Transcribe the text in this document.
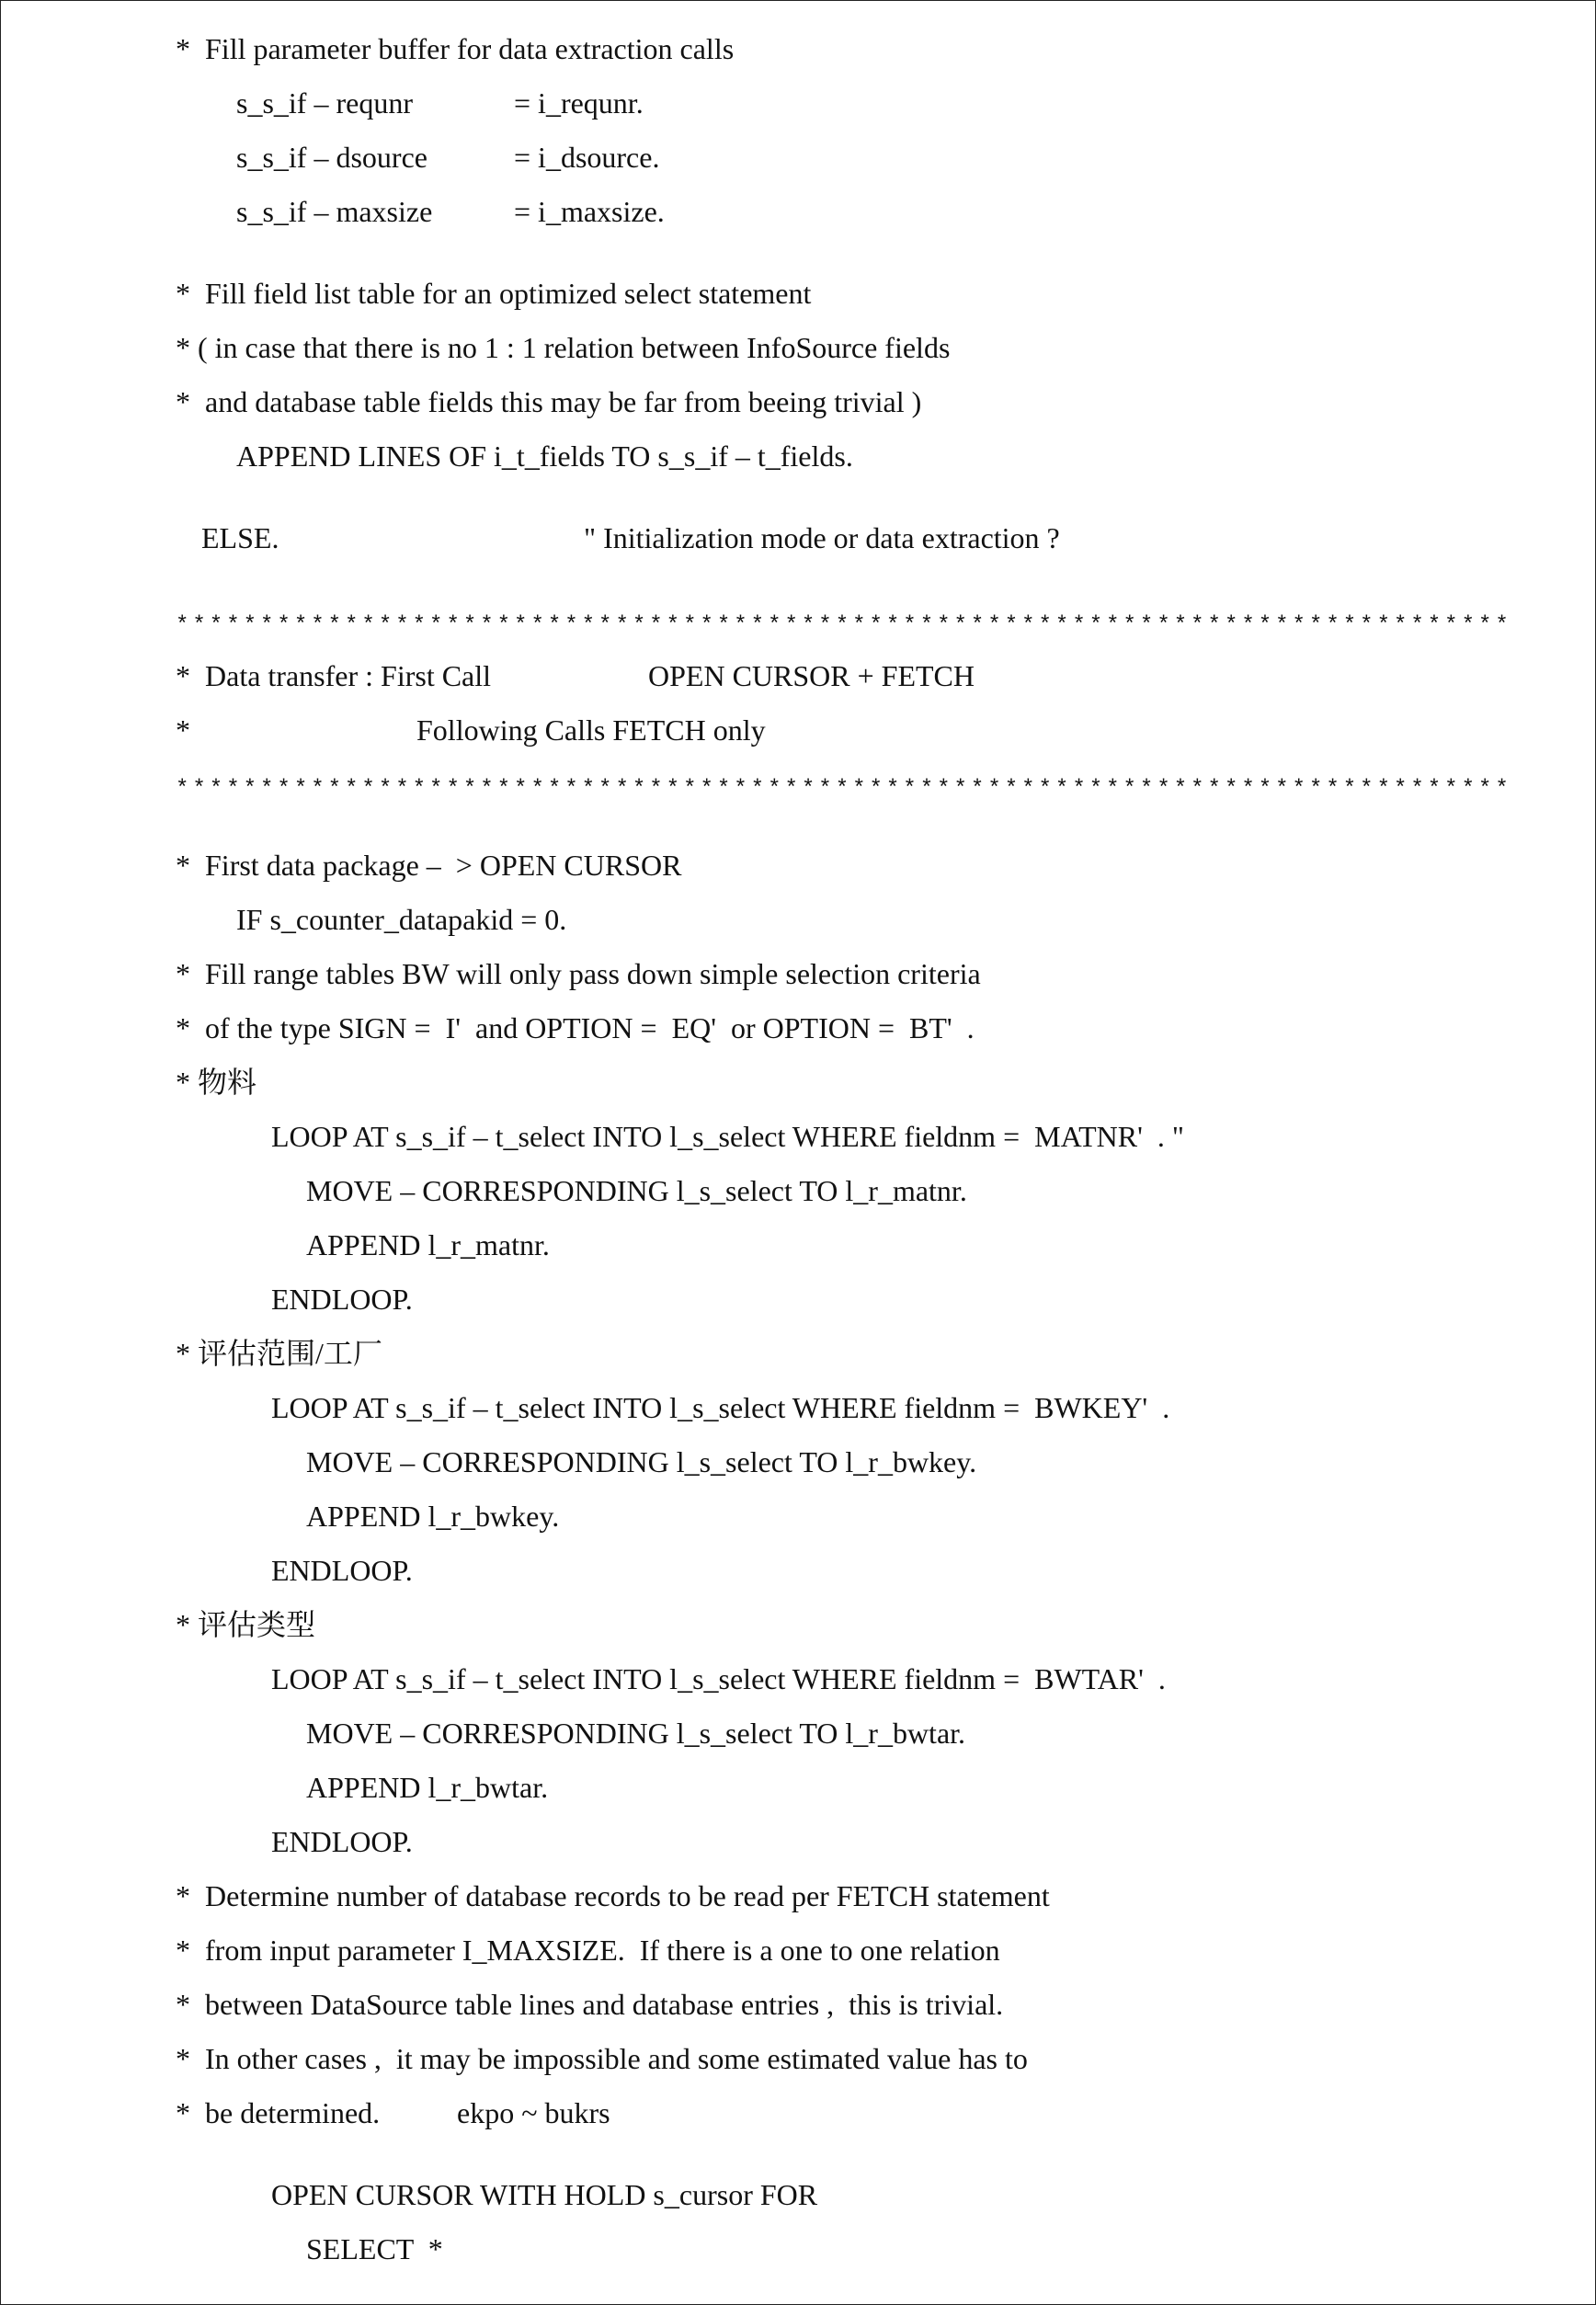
*  Fill parameter buffer for data extraction calls
s_s_if – requnr	= i_requnr.
s_s_if – dsource	= i_dsource.
s_s_if – maxsize	= i_maxsize.
*  Fill field list table for an optimized select statement
* ( in case that there is no 1 : 1 relation between InfoSource fields
*  and database table fields this may be far from beeing trivial )
APPEND LINES OF i_t_fields TO s_s_if – t_fields.
ELSE.	" Initialization mode or data extraction ?
*******************************************************************************
*  Data transfer : First Call	OPEN CURSOR + FETCH
*	Following Calls FETCH only
*******************************************************************************
*  First data package –  > OPEN CURSOR
IF s_counter_datapakid = 0.
*  Fill range tables BW will only pass down simple selection criteria
*  of the type SIGN =  I'  and OPTION =  EQ'  or OPTION =  BT'  .
* 物料
LOOP AT s_s_if – t_select INTO l_s_select WHERE fieldnm =  MATNR'  . "
MOVE – CORRESPONDING l_s_select TO l_r_matnr.
APPEND l_r_matnr.
ENDLOOP.
* 评估范围/工厂
LOOP AT s_s_if – t_select INTO l_s_select WHERE fieldnm =  BWKEY'  .
MOVE – CORRESPONDING l_s_select TO l_r_bwkey.
APPEND l_r_bwkey.
ENDLOOP.
* 评估类型
LOOP AT s_s_if – t_select INTO l_s_select WHERE fieldnm =  BWTAR'  .
MOVE – CORRESPONDING l_s_select TO l_r_bwtar.
APPEND l_r_bwtar.
ENDLOOP.
*  Determine number of database records to be read per FETCH statement
*  from input parameter I_MAXSIZE.  If there is a one to one relation
*  between DataSource table lines and database entries ,  this is trivial.
*  In other cases ,  it may be impossible and some estimated value has to
*  be determined.	ekpo ~ bukrs
OPEN CURSOR WITH HOLD s_cursor FOR
SELECT  *
